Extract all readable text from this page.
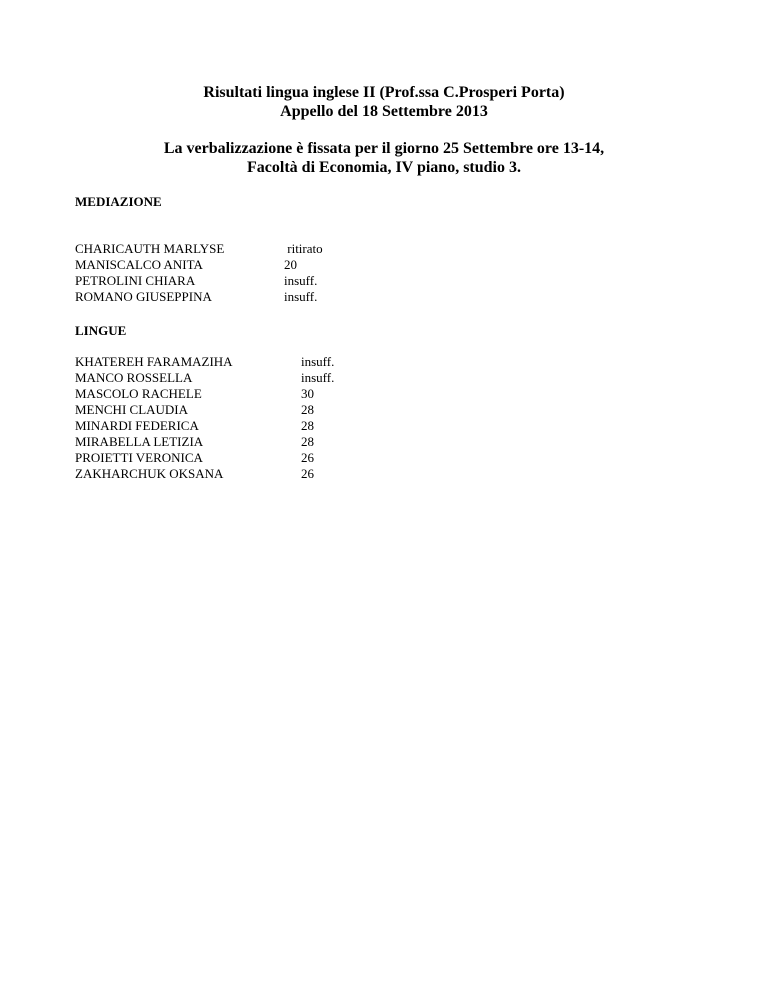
Risultati lingua inglese II (Prof.ssa C.Prosperi Porta)
Appello del 18 Settembre 2013
La verbalizzazione è fissata per il giorno 25 Settembre ore 13-14,
Facoltà di Economia, IV piano, studio 3.
MEDIAZIONE
CHARICAUTH MARLYSE	ritirato
MANISCALCO ANITA	20
PETROLINI CHIARA	insuff.
ROMANO GIUSEPPINA	insuff.
LINGUE
KHATEREH FARAMAZIHA	insuff.
MANCO ROSSELLA	insuff.
MASCOLO RACHELE	30
MENCHI CLAUDIA	28
MINARDI FEDERICA	28
MIRABELLA LETIZIA	28
PROIETTI VERONICA	26
ZAKHARCHUK OKSANA	26
